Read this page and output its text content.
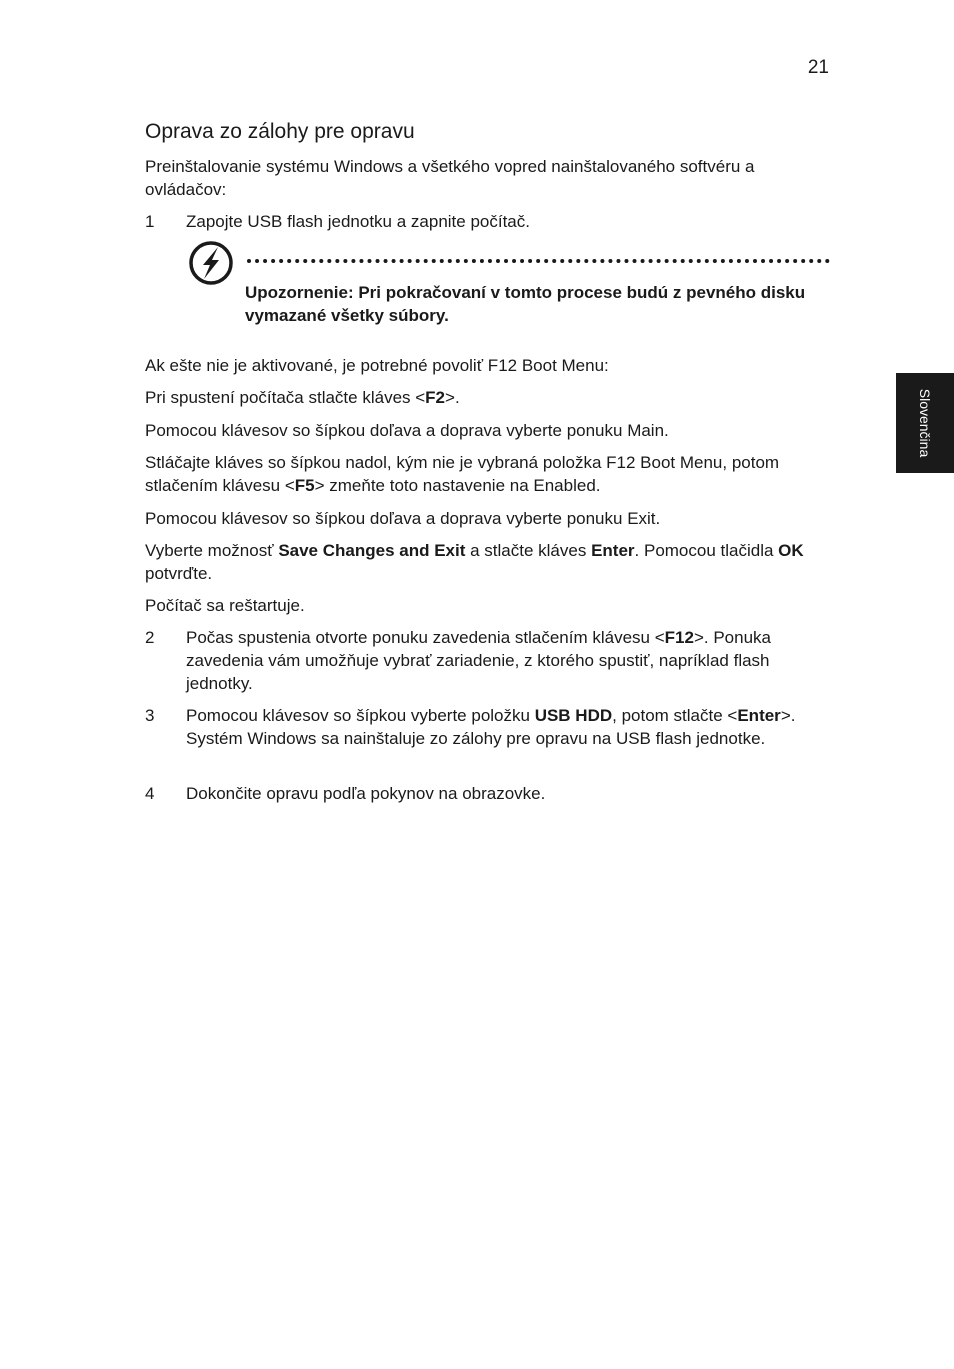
21
Oprava zo zálohy pre opravu

Preinštalovanie systému Windows a všetkého vopred nainštalovaného softvéru a ovládačov:

1 Zapojte USB flash jednotku a zapnite počítač.

Upozornenie: Pri pokračovaní v tomto procese budú z pevného disku vymazané všetky súbory.

Ak ešte nie je aktivované, je potrebné povoliť F12 Boot Menu:

Pri spustení počítača stlačte kláves <F2>.

Pomocou klávesov so šípkou doľava a doprava vyberte ponuku Main.

Stláčajte kláves so šípkou nadol, kým nie je vybraná položka F12 Boot Menu, potom stlačením klávesu <F5> zmeňte toto nastavenie na Enabled.

Pomocou klávesov so šípkou doľava a doprava vyberte ponuku Exit.

Vyberte možnosť Save Changes and Exit a stlačte kláves Enter. Pomocou tlačidla OK potvrďte.

Počítač sa reštartuje.

2 Počas spustenia otvorte ponuku zavedenia stlačením klávesu <F12>. Ponuka zavedenia vám umožňuje vybrať zariadenie, z ktorého spustiť, napríklad flash jednotky.

3 Pomocou klávesov so šípkou vyberte položku USB HDD, potom stlačte <Enter>. Systém Windows sa nainštaluje zo zálohy pre opravu na USB flash jednotke.

4 Dokončite opravu podľa pokynov na obrazovke.

Slovenčina
